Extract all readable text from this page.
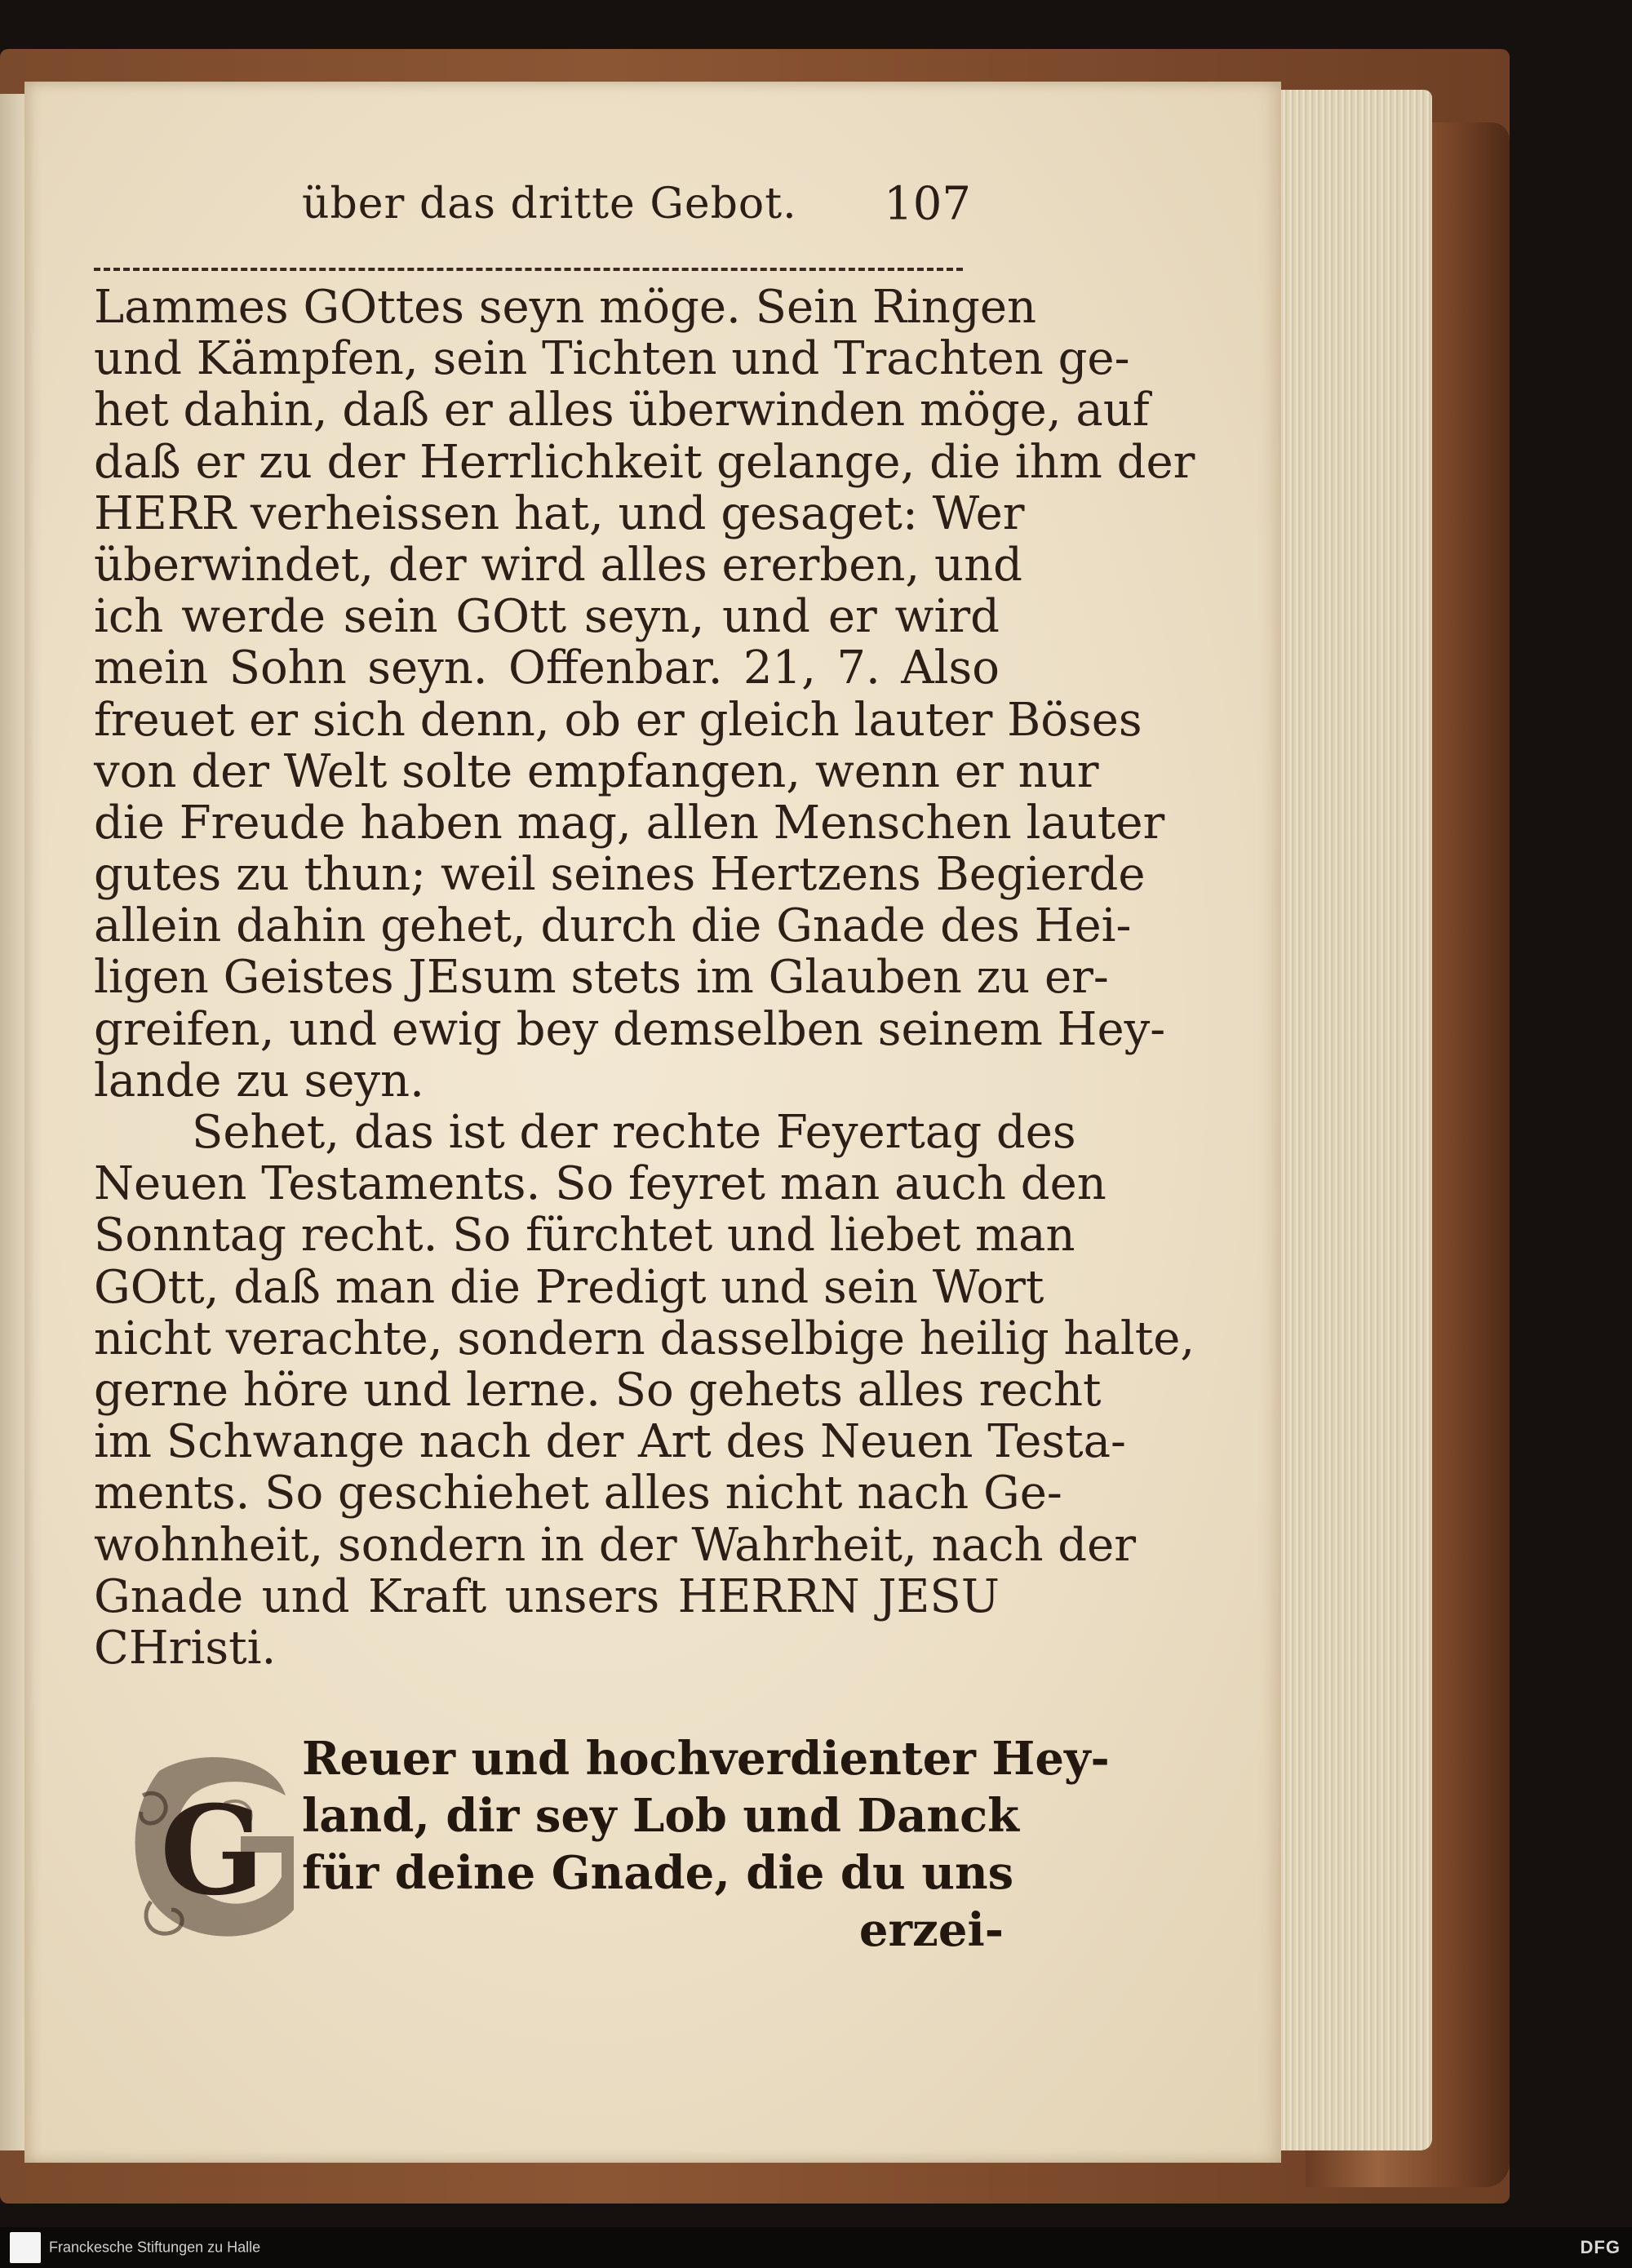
über das dritte Gebot. 107
Lammes GOttes seyn möge. Sein Ringen
und Kämpfen, sein Tichten und Trachten ge-
het dahin, daß er alles überwinden möge, auf
daß er zu der Herrlichkeit gelange, die ihm der
HERR verheissen hat, und gesaget: Wer
überwindet, der wird alles ererben, und
ich werde sein GOtt seyn, und er wird
mein Sohn seyn. Offenbar. 21, 7. Also
freuet er sich denn, ob er gleich lauter Böses
von der Welt solte empfangen, wenn er nur
die Freude haben mag, allen Menschen lauter
gutes zu thun; weil seines Hertzens Begierde
allein dahin gehet, durch die Gnade des Hei-
ligen Geistes JEsum stets im Glauben zu er-
greifen, und ewig bey demselben seinem Hey-
lande zu seyn.
Sehet, das ist der rechte Feyertag des
Neuen Testaments. So feyret man auch den
Sonntag recht. So fürchtet und liebet man
GOtt, daß man die Predigt und sein Wort
nicht verachte, sondern dasselbige heilig halte,
gerne höre und lerne. So gehets alles recht
im Schwange nach der Art des Neuen Testa-
ments. So geschiehet alles nicht nach Ge-
wohnheit, sondern in der Wahrheit, nach der
Gnade und Kraft unsers HERRN JESU
CHristi.
G
Reuer und hochverdienter Hey-
land, dir sey Lob und Danck
für deine Gnade, die du uns
erzei-
Franckesche Stiftungen zu Halle	DFG
